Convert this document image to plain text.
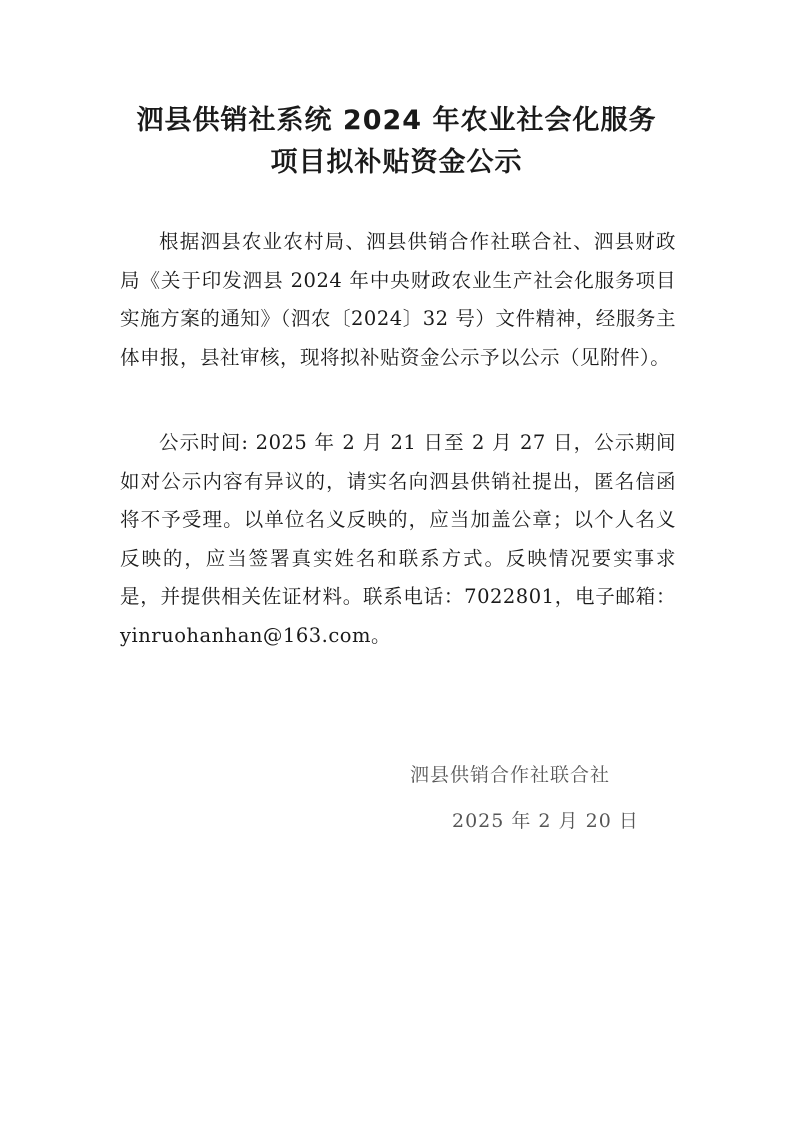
泗县供销社系统 2024 年农业社会化服务
项目拟补贴资金公示

根据泗县农业农村局、泗县供销合作社联合社、泗县财政局《关于印发泗县 2024 年中央财政农业生产社会化服务项目实施方案的通知》（泗农〔2024〕32 号）文件精神，经服务主体申报，县社审核，现将拟补贴资金公示予以公示（见附件）。

公示时间: 2025 年 2 月 21 日至 2 月 27 日，公示期间如对公示内容有异议的，请实名向泗县供销社提出，匿名信函将不予受理。以单位名义反映的，应当加盖公章；以个人名义反映的，应当签署真实姓名和联系方式。反映情况要实事求是，并提供相关佐证材料。联系电话：7022801，电子邮箱：yinruohanhan@163.com。

泗县供销合作社联合社

2025 年 2 月 20 日
